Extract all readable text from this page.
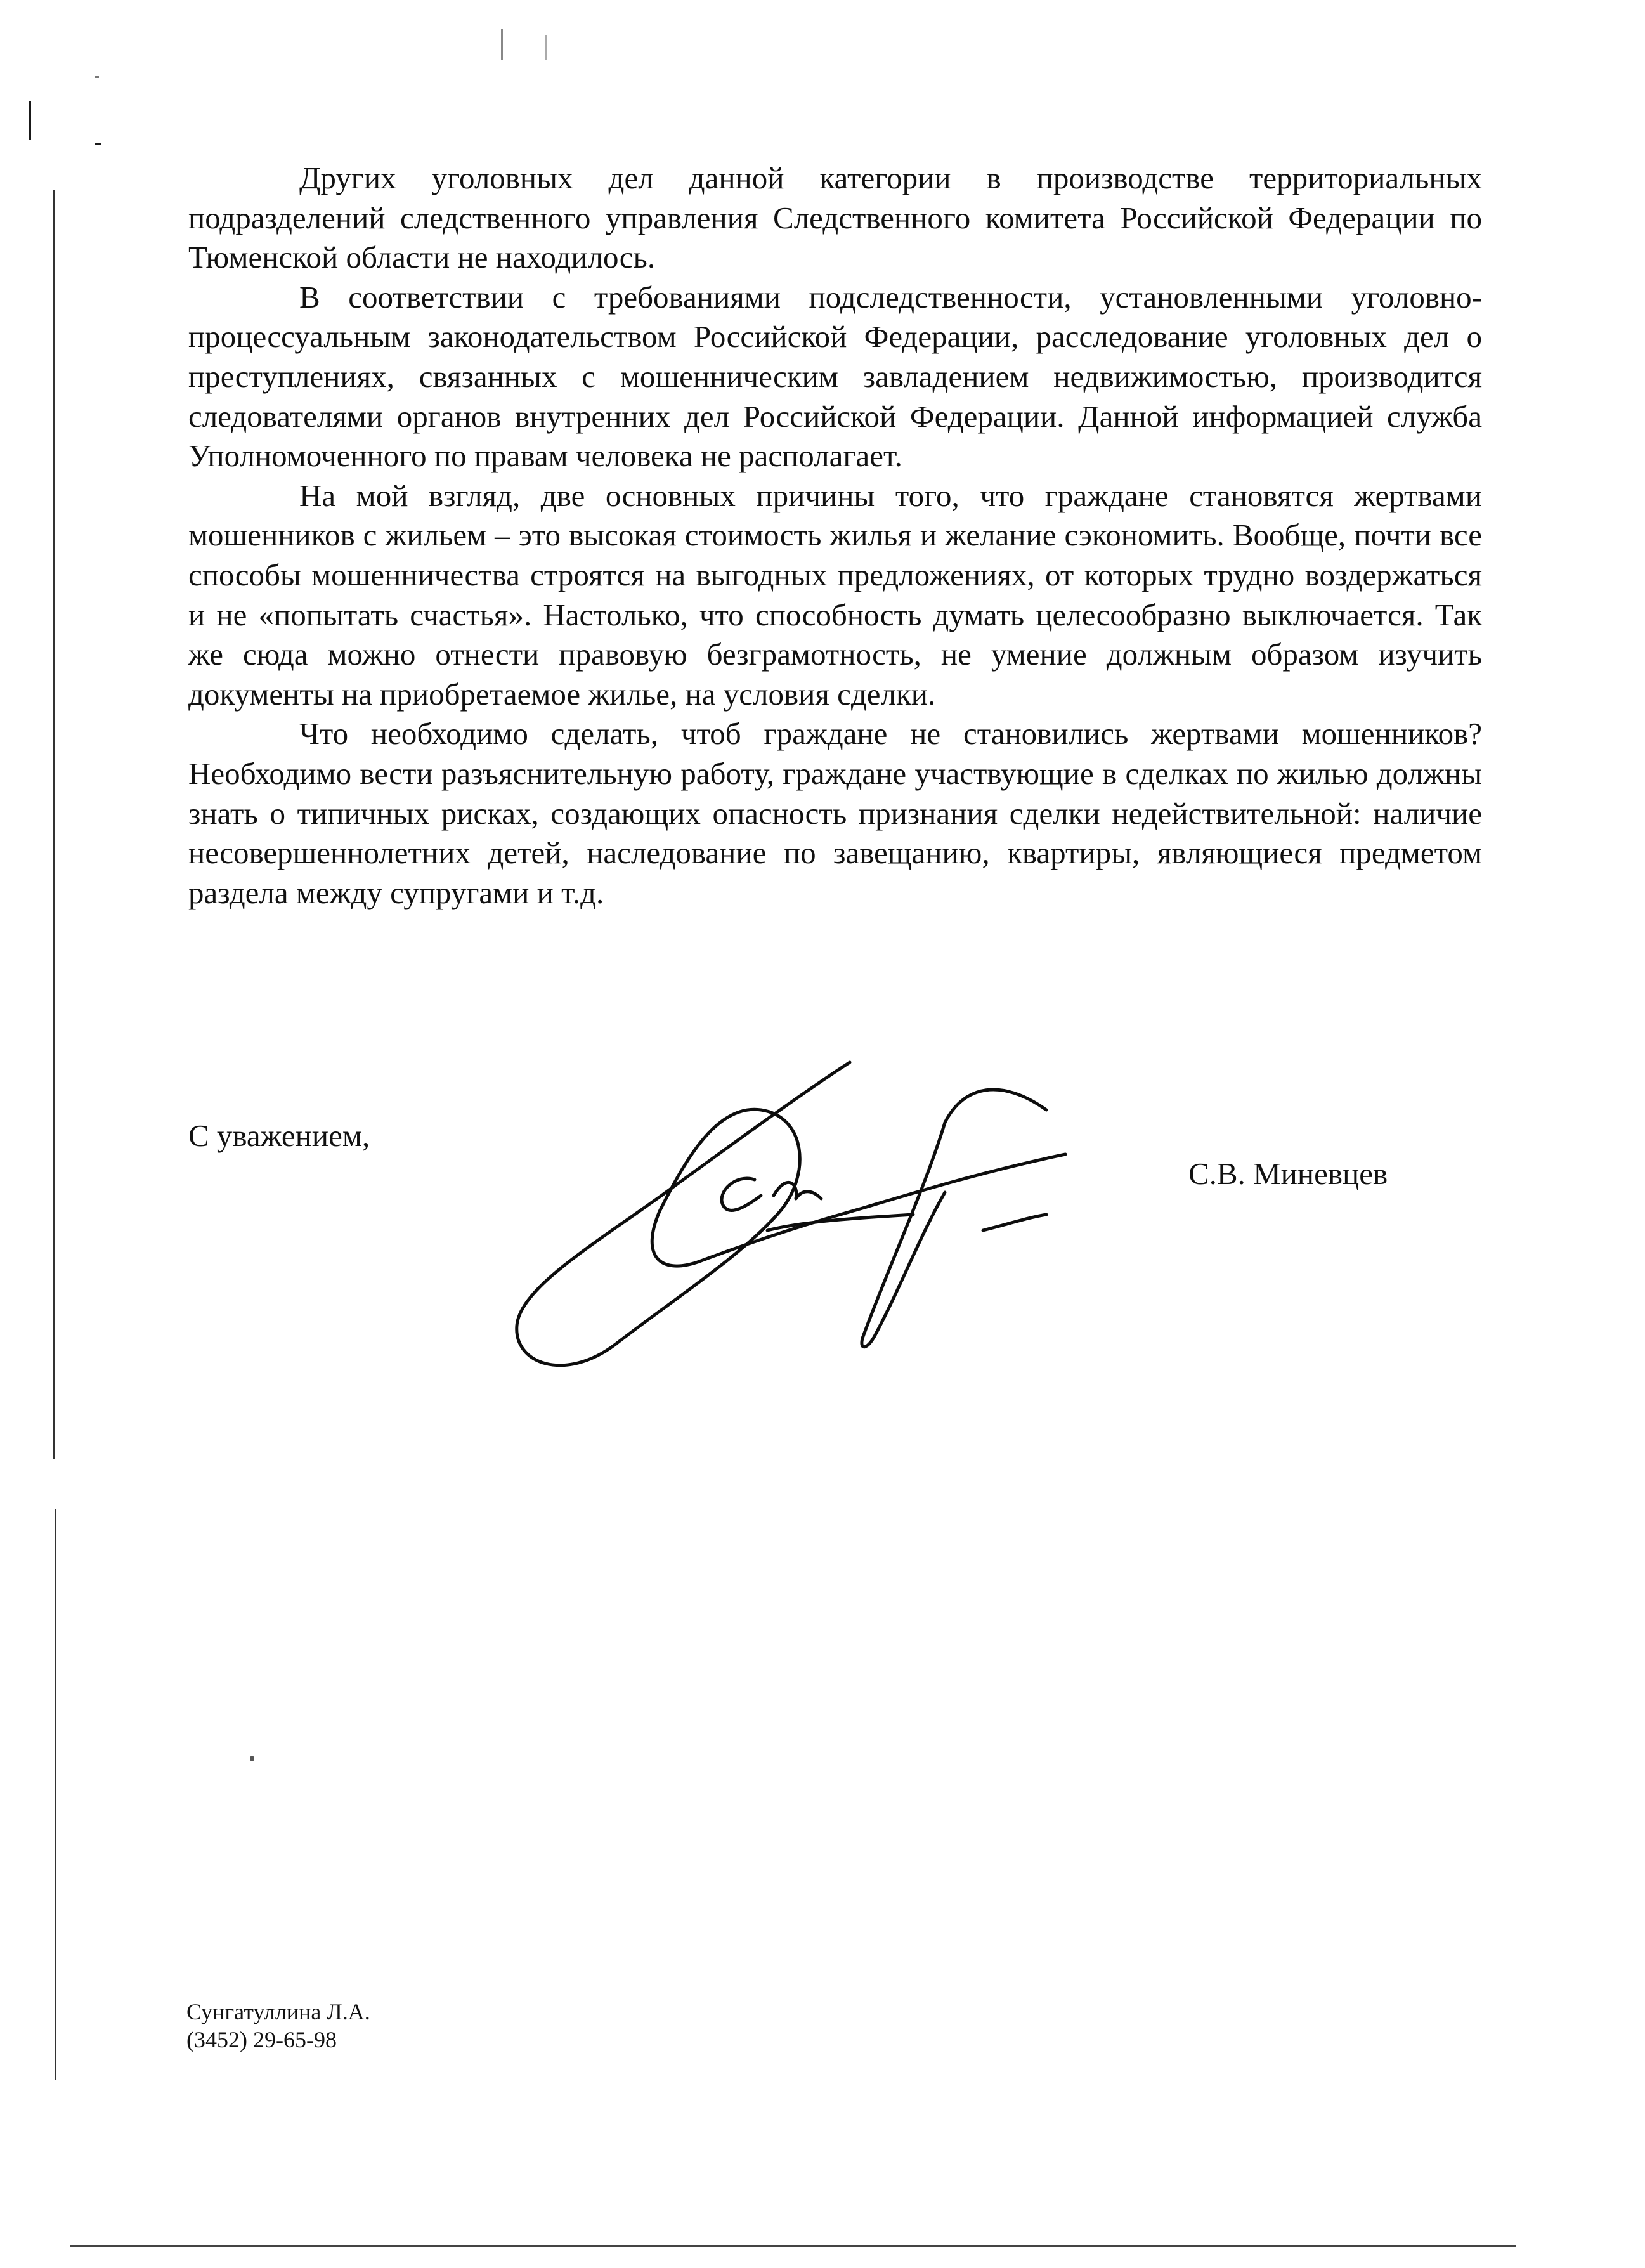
Других уголовных дел данной категории в производстве территориальных подразделений следственного управления Следственного комитета Российской Федерации по Тюменской области не находилось.

В соответствии с требованиями подследственности, установленными уголовно-процессуальным законодательством Российской Федерации, расследование уголовных дел о преступлениях, связанных с мошенническим завладением недвижимостью, производится следователями органов внутренних дел Российской Федерации. Данной информацией служба Уполномоченного по правам человека не располагает.

На мой взгляд, две основных причины того, что граждане становятся жертвами мошенников с жильем – это высокая стоимость жилья и желание сэкономить. Вообще, почти все способы мошенничества строятся на выгодных предложениях, от которых трудно воздержаться и не «попытать счастья». Настолько, что способность думать целесообразно выключается. Так же сюда можно отнести правовую безграмотность, не умение должным образом изучить документы на приобретаемое жилье, на условия сделки.

Что необходимо сделать, чтоб граждане не становились жертвами мошенников? Необходимо вести разъяснительную работу, граждане участвующие в сделках по жилью должны знать о типичных рисках, создающих опасность признания сделки недействительной: наличие несовершеннолетних детей, наследование по завещанию, квартиры, являющиеся предметом раздела между супругами и т.д.

С уважением,
С.В. Миневцев
Сунгатуллина Л.А.
(3452) 29-65-98
